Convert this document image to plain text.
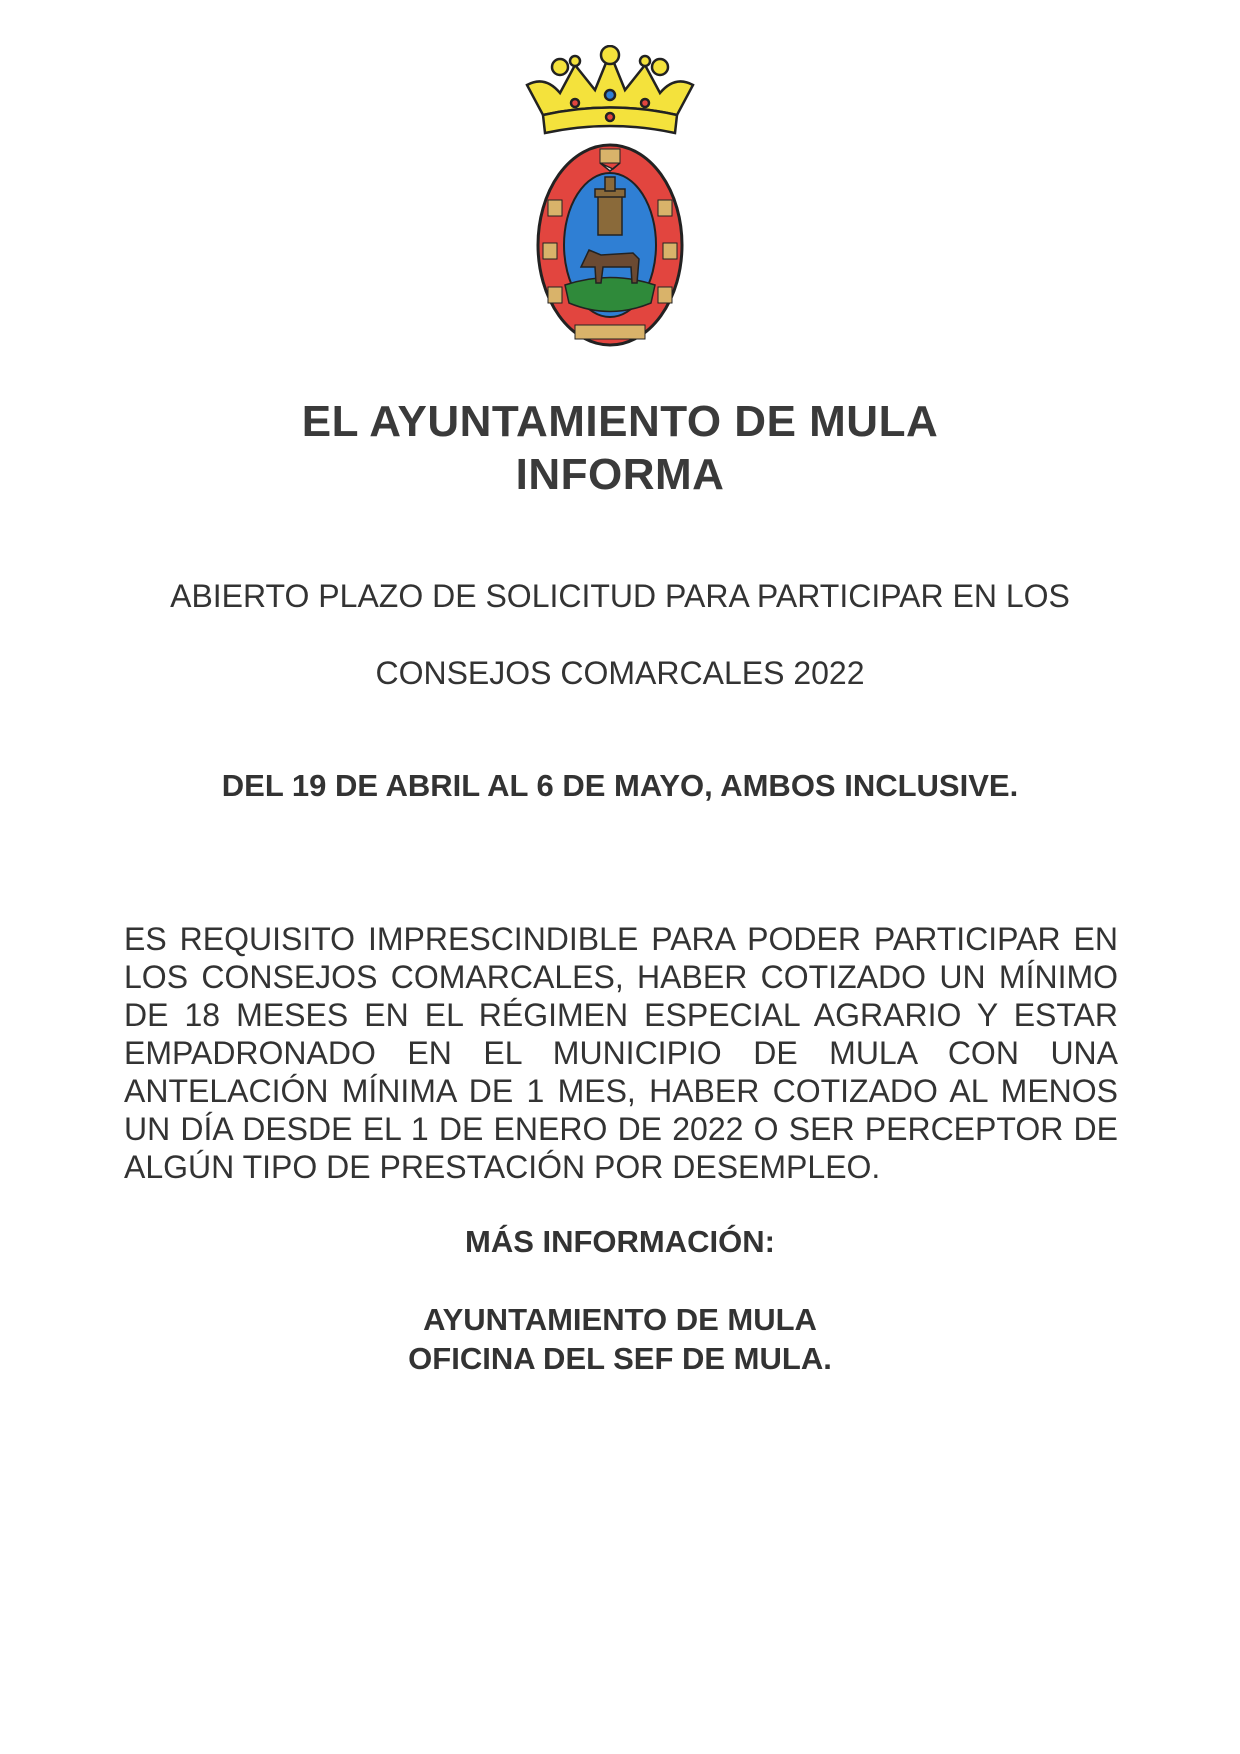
EL AYUNTAMIENTO DE MULA
INFORMA

ABIERTO PLAZO DE SOLICITUD PARA PARTICIPAR EN LOS

CONSEJOS COMARCALES 2022

DEL 19 DE ABRIL AL 6 DE MAYO, AMBOS INCLUSIVE.

ES REQUISITO IMPRESCINDIBLE PARA PODER PARTICIPAR EN LOS CONSEJOS COMARCALES, HABER COTIZADO UN MÍNIMO DE 18 MESES EN EL RÉGIMEN ESPECIAL AGRARIO Y ESTAR EMPADRONADO EN EL MUNICIPIO DE MULA CON UNA ANTELACIÓN MÍNIMA DE 1 MES, HABER COTIZADO AL MENOS UN DÍA DESDE EL 1 DE ENERO DE 2022 O SER PERCEPTOR DE ALGÚN TIPO DE PRESTACIÓN POR DESEMPLEO.

MÁS INFORMACIÓN:

AYUNTAMIENTO DE MULA

OFICINA DEL SEF DE MULA.
